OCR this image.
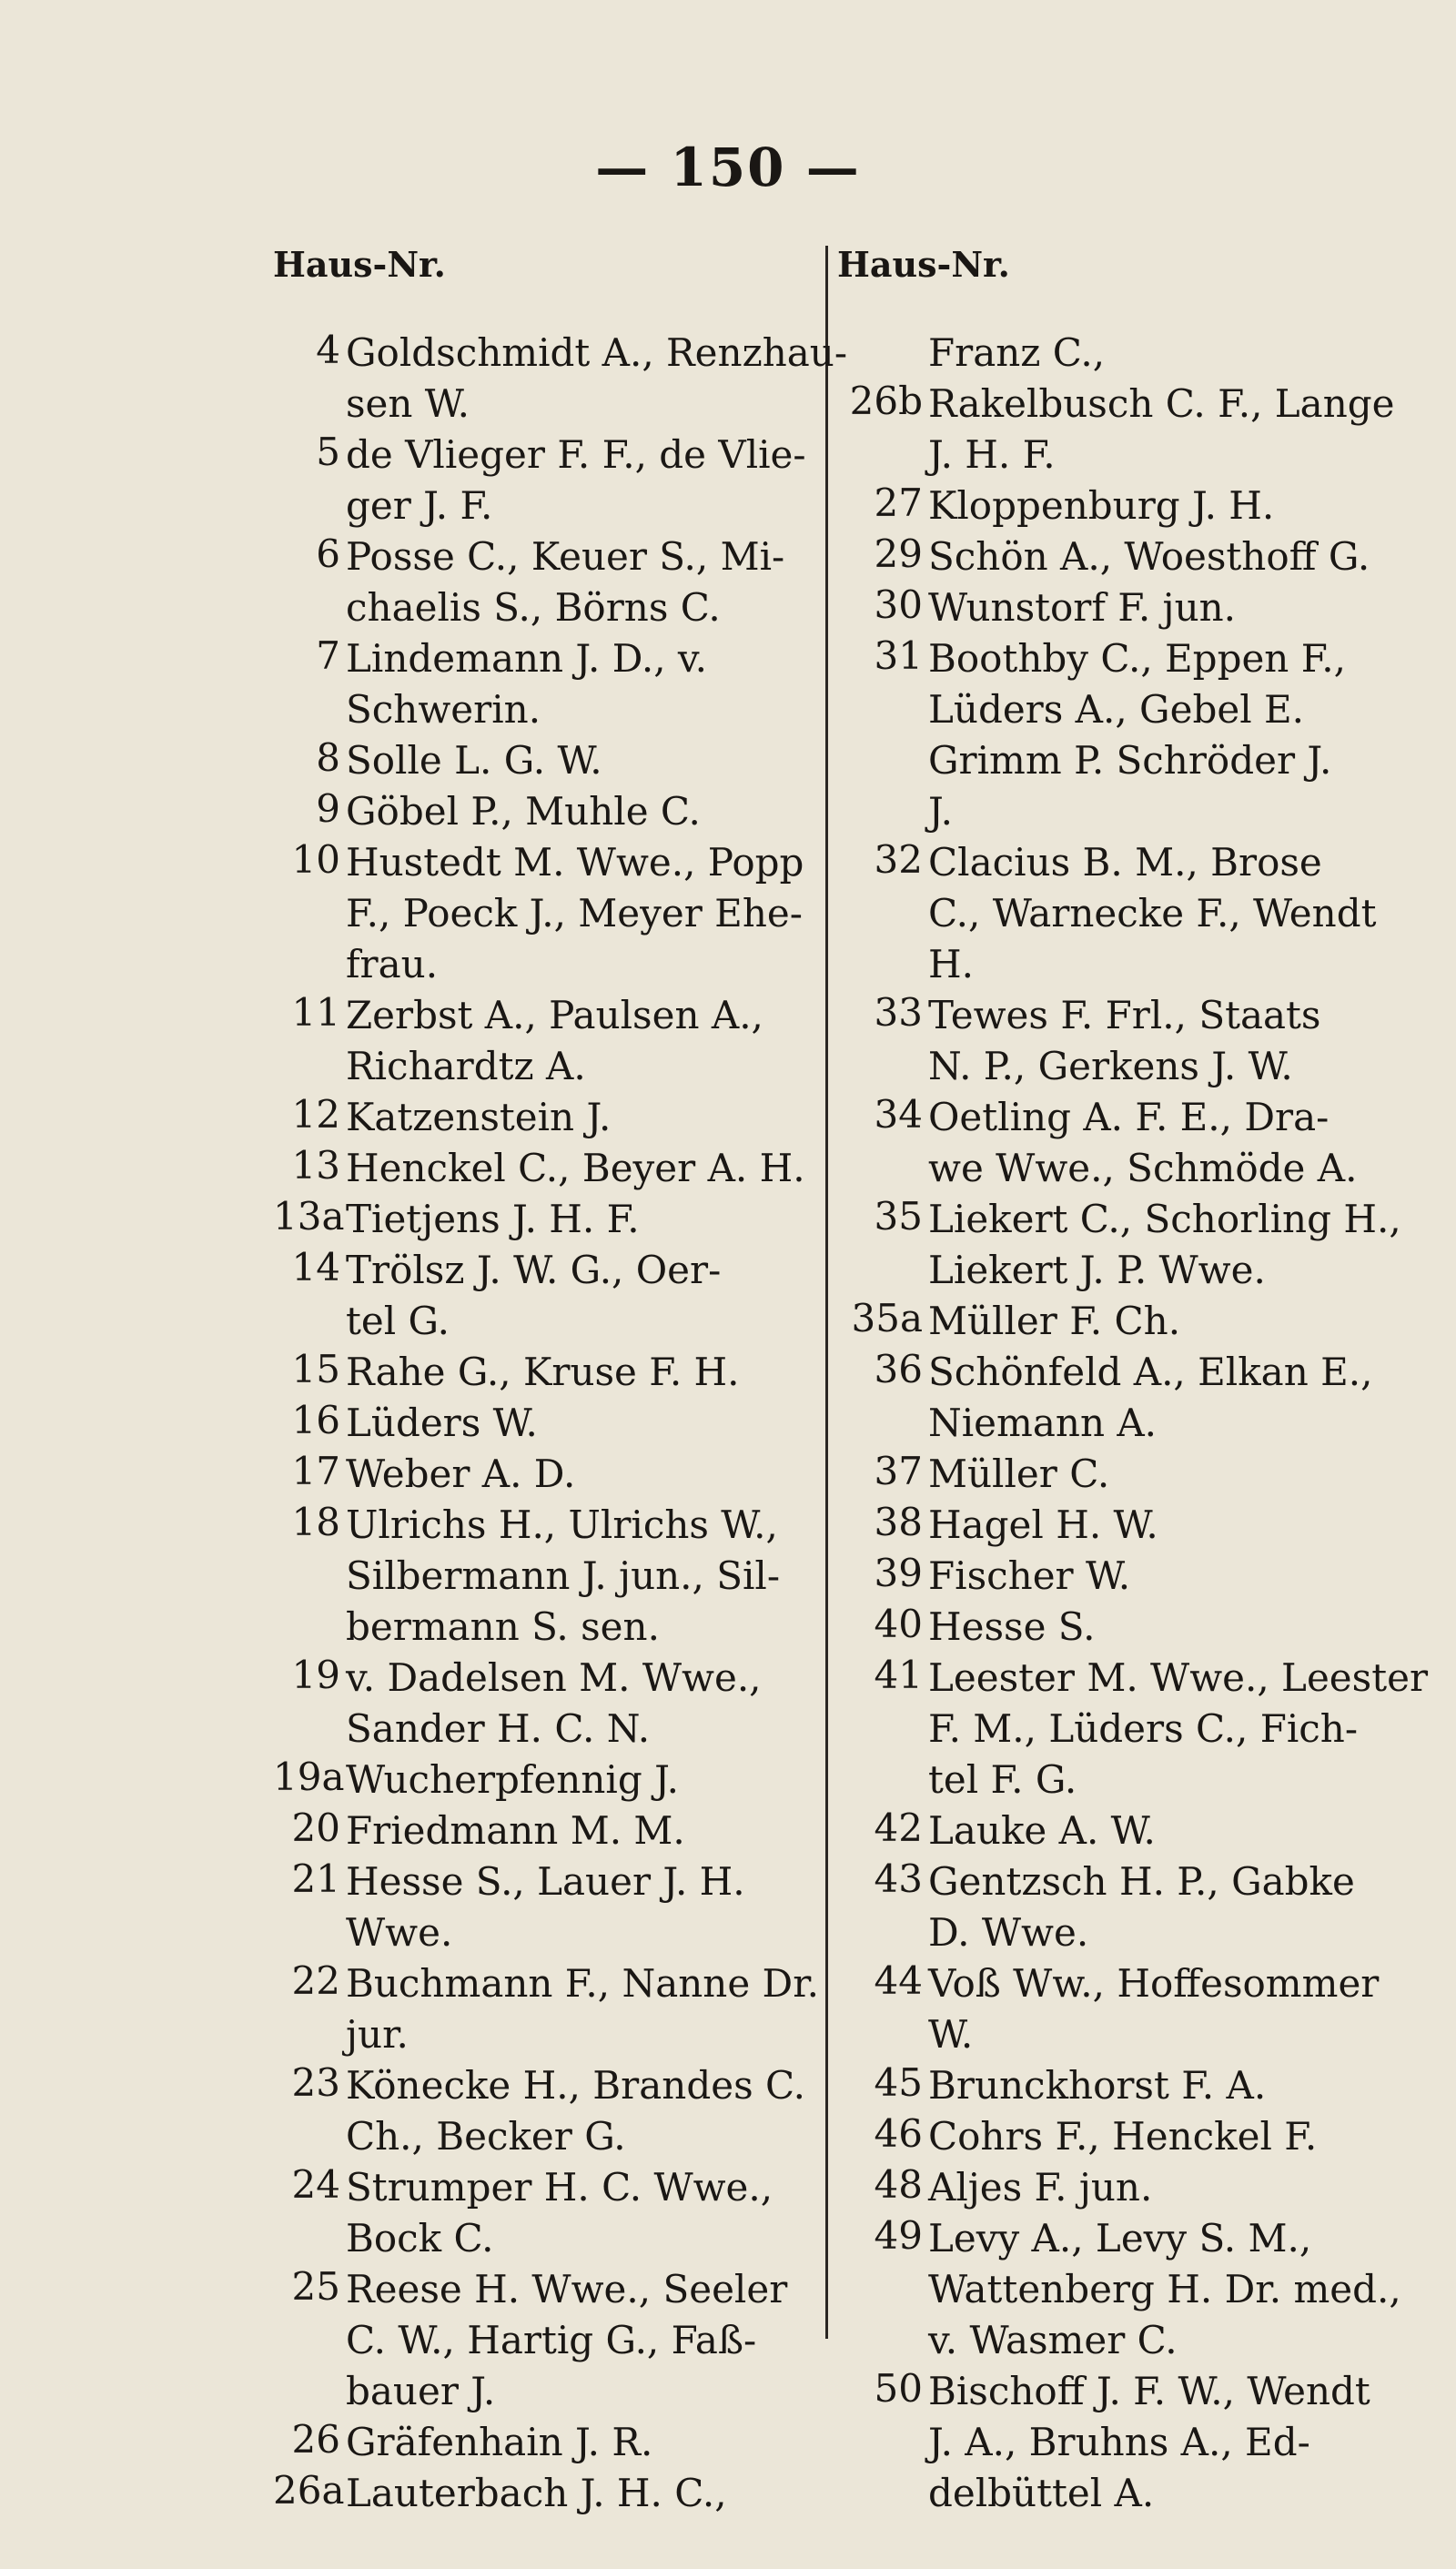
— 150 —
Haus-Nr.	Haus-Nr.
4 Goldschmidt A., Renzhau-
sen W.
5 de Vlieger F. F., de Vlie-
ger J. F.
6 Posse C., Keuer S., Mi-
chaelis S., Börns C.
7 Lindemann J. D., v.
Schwerin.
8 Solle L. G. W.
9 Göbel P., Muhle C.
10 Hustedt M. Wwe., Popp
F., Poeck J., Meyer Ehe-
frau.
11 Zerbst A., Paulsen A.,
Richardtz A.
12 Katzenstein J.
13 Henckel C., Beyer A. H.
13a Tietjens J. H. F.
14 Trölsz J. W. G., Oer-
tel G.
15 Rahe G., Kruse F. H.
16 Lüders W.
17 Weber A. D.
18 Ulrichs H., Ulrichs W.,
Silbermann J. jun., Sil-
bermann S. sen.
19 v. Dadelsen M. Wwe.,
Sander H. C. N.
19a Wucherpfennig J.
20 Friedmann M. M.
21 Hesse S., Lauer J. H.
Wwe.
22 Buchmann F., Nanne Dr.
jur.
23 Könecke H., Brandes C.
Ch., Becker G.
24 Strumper H. C. Wwe.,
Bock C.
25 Reese H. Wwe., Seeler
C. W., Hartig G., Faß-
bauer J.
26 Gräfenhain J. R.
26a Lauterbach J. H. C.,
Franz C.,
26b Rakelbusch C. F., Lange
J. H. F.
27 Kloppenburg J. H.
29 Schön A., Woesthoff G.
30 Wunstorf F. jun.
31 Boothby C., Eppen F.,
Lüders A., Gebel E.
Grimm P. Schröder J.
J.
32 Clacius B. M., Brose
C., Warnecke F., Wendt
H.
33 Tewes F. Frl., Staats
N. P., Gerkens J. W.
34 Oetling A. F. E., Dra-
we Wwe., Schmöde A.
35 Liekert C., Schorling H.,
Liekert J. P. Wwe.
35a Müller F. Ch.
36 Schönfeld A., Elkan E.,
Niemann A.
37 Müller C.
38 Hagel H. W.
39 Fischer W.
40 Hesse S.
41 Leester M. Wwe., Leester
F. M., Lüders C., Fich-
tel F. G.
42 Lauke A. W.
43 Gentzsch H. P., Gabke
D. Wwe.
44 Voß Ww., Hoffesommer
W.
45 Brunckhorst F. A.
46 Cohrs F., Henckel F.
48 Aljes F. jun.
49 Levy A., Levy S. M.,
Wattenberg H. Dr. med.,
v. Wasmer C.
50 Bischoff J. F. W., Wendt
J. A., Bruhns A., Ed-
delbüttel A.
